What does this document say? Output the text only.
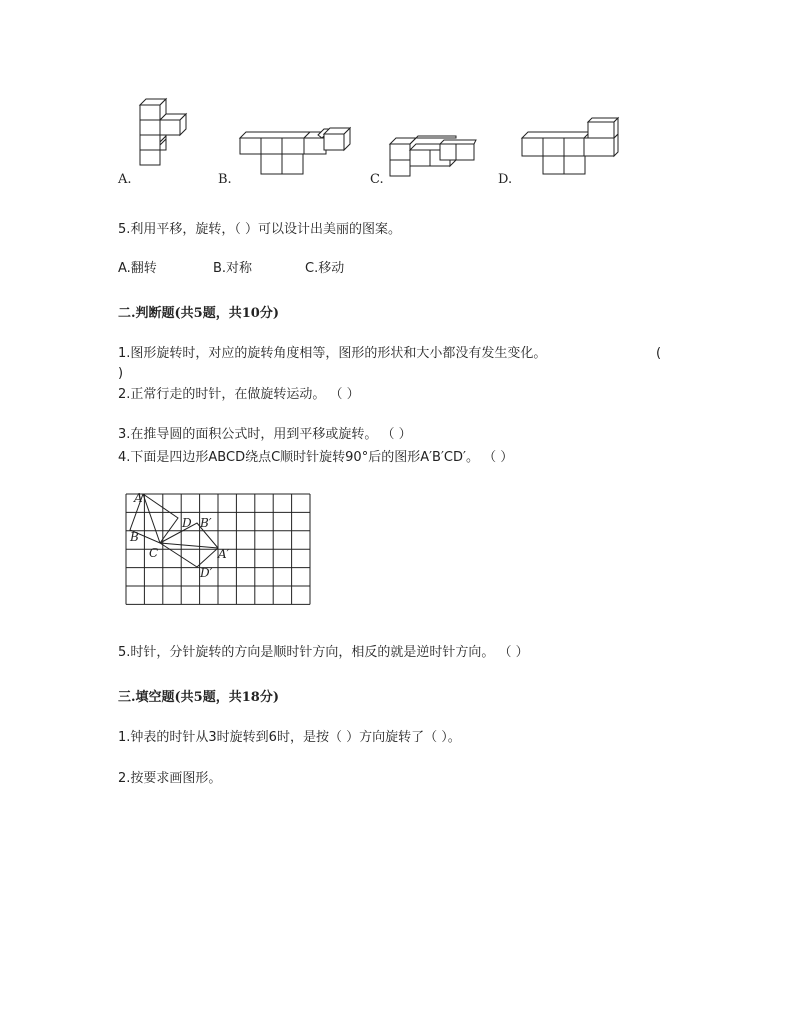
A.	B.	C.	D.
5.利用平移，旋转，（ ）可以设计出美丽的图案。
A.翻转	B.对称	C.移动
二.判断题(共5题，共10分)
1.图形旋转时，对应的旋转角度相等，图形的形状和大小都没有发生变化。	(
)
2.正常行走的时针，在做旋转运动。 （ ）
3.在推导圆的面积公式时，用到平移或旋转。 （ ）
4.下面是四边形ABCD绕点C顺时针旋转90°后的图形A′B′CD′。 （ ）
A
B
C
D B′
A′
D′
5.时针，分针旋转的方向是顺时针方向，相反的就是逆时针方向。 （ ）
三.填空题(共5题，共18分)
1.钟表的时针从3时旋转到6时，是按（ ）方向旋转了（ ）。
2.按要求画图形。
